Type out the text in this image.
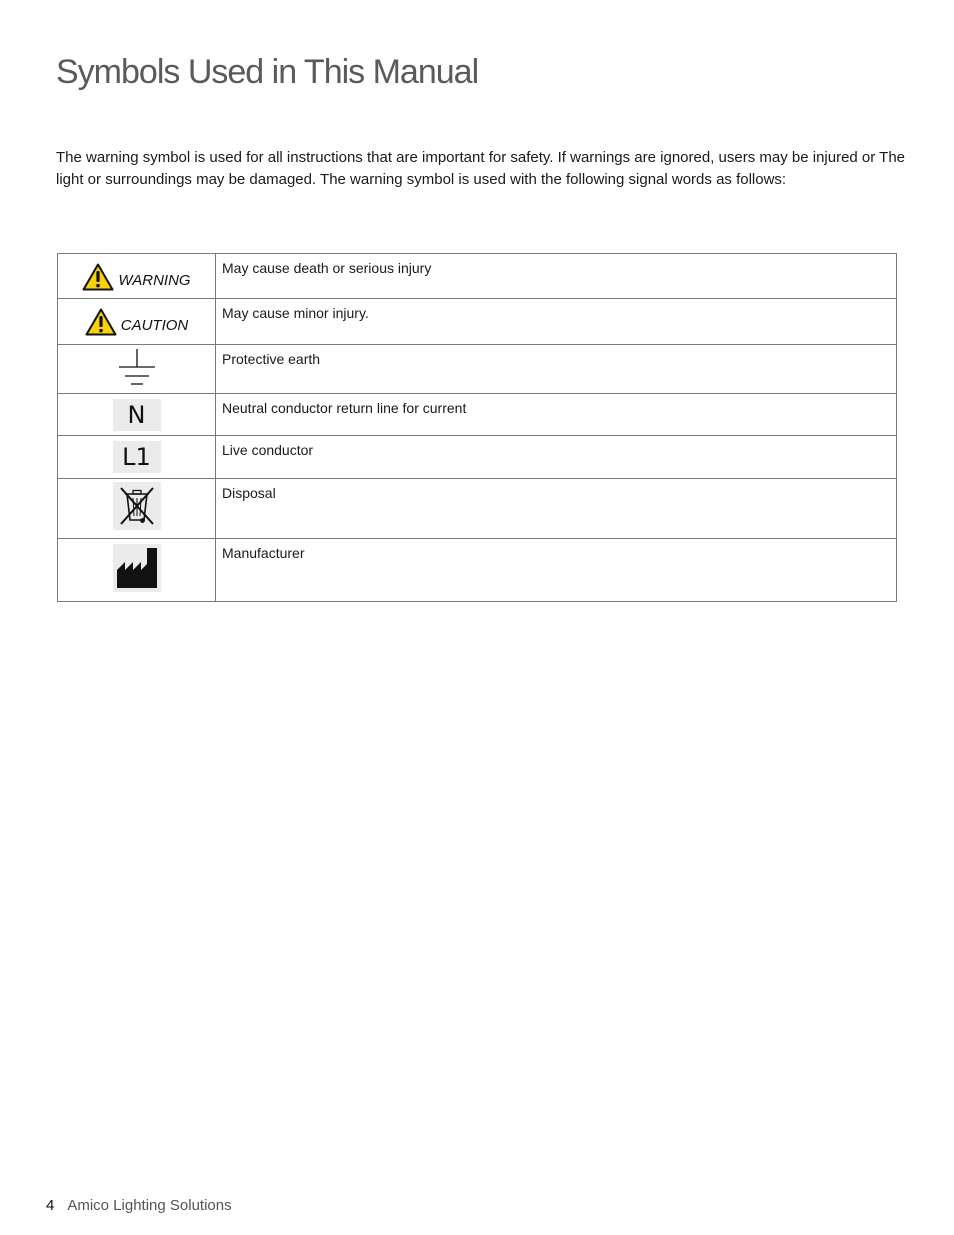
Symbols Used in This Manual

The warning symbol is used for all instructions that are important for safety. If warnings are ignored, users may be injured or The light or surroundings may be damaged. The warning symbol is used with the following signal words as follows:

WARNING	May cause death or serious injury

CAUTION	May cause minor injury.
	Protective earth
N	Neutral conductor return line for current
L1	Live conductor
	Disposal
	Manufacturer
4 Amico Lighting Solutions
